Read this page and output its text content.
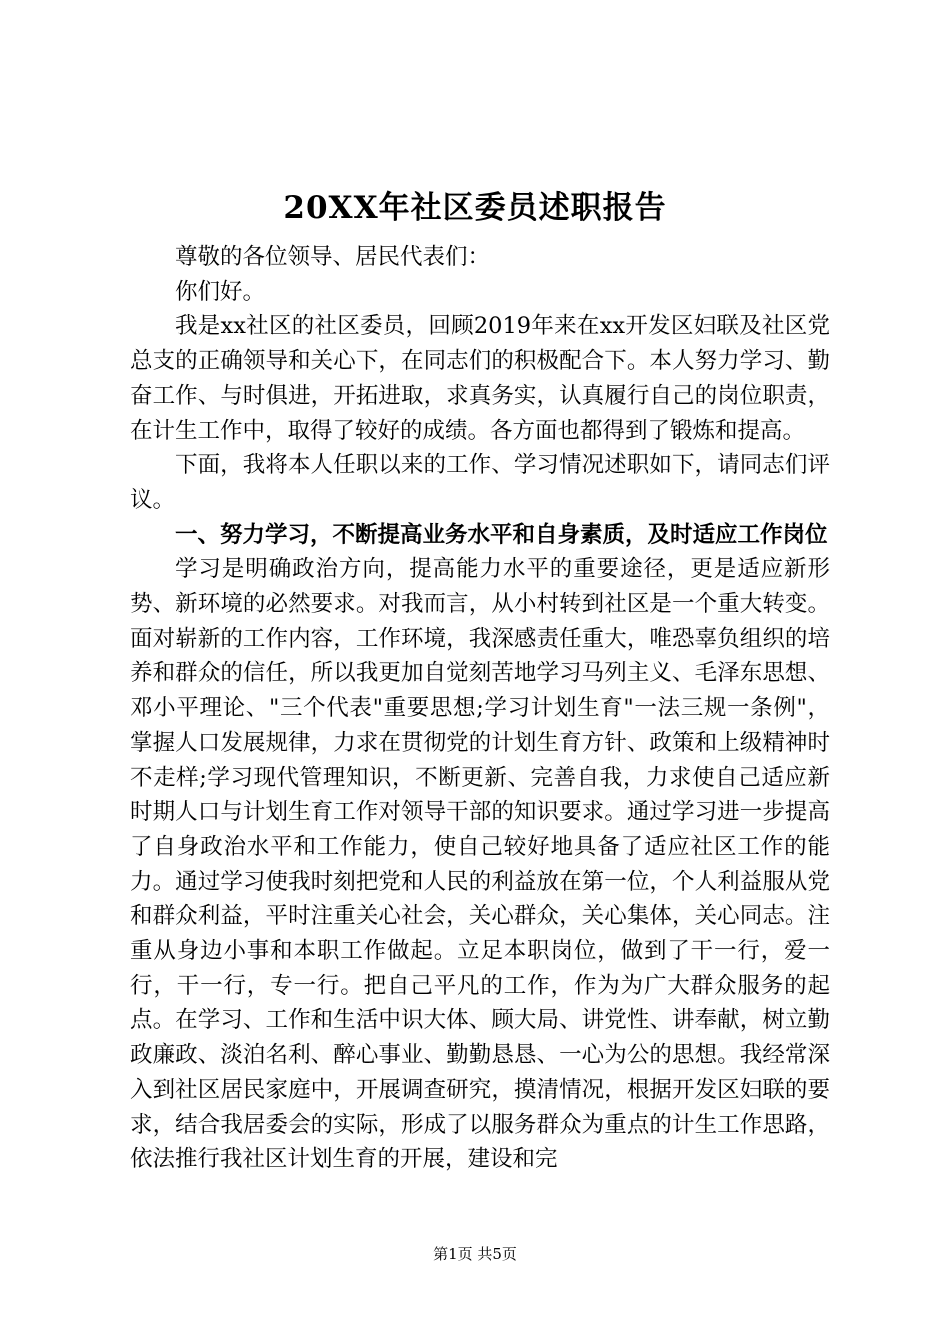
20XX年社区委员述职报告

尊敬的各位领导、居民代表们：

你们好。

我是xx社区的社区委员，回顾2019年来在xx开发区妇联及社区党总支的正确领导和关心下，在同志们的积极配合下。本人努力学习、勤奋工作、与时俱进，开拓进取，求真务实，认真履行自己的岗位职责，在计生工作中，取得了较好的成绩。各方面也都得到了锻炼和提高。

下面，我将本人任职以来的工作、学习情况述职如下，请同志们评议。

一、努力学习，不断提高业务水平和自身素质，及时适应工作岗位

学习是明确政治方向，提高能力水平的重要途径，更是适应新形势、新环境的必然要求。对我而言，从小村转到社区是一个重大转变。面对崭新的工作内容，工作环境，我深感责任重大，唯恐辜负组织的培养和群众的信任，所以我更加自觉刻苦地学习马列主义、毛泽东思想、邓小平理论、"三个代表"重要思想;学习计划生育"一法三规一条例"，掌握人口发展规律，力求在贯彻党的计划生育方针、政策和上级精神时不走样;学习现代管理知识，不断更新、完善自我，力求使自己适应新时期人口与计划生育工作对领导干部的知识要求。通过学习进一步提高了自身政治水平和工作能力，使自己较好地具备了适应社区工作的能力。通过学习使我时刻把党和人民的利益放在第一位，个人利益服从党和群众利益，平时注重关心社会，关心群众，关心集体，关心同志。注重从身边小事和本职工作做起。立足本职岗位，做到了干一行，爱一行，干一行，专一行。把自己平凡的工作，作为为广大群众服务的起点。在学习、工作和生活中识大体、顾大局、讲党性、讲奉献，树立勤政廉政、淡泊名利、醉心事业、勤勤恳恳、一心为公的思想。我经常深入到社区居民家庭中，开展调查研究，摸清情况，根据开发区妇联的要求，结合我居委会的实际，形成了以服务群众为重点的计生工作思路，依法推行我社区计划生育的开展，建设和完

第1页 共5页
